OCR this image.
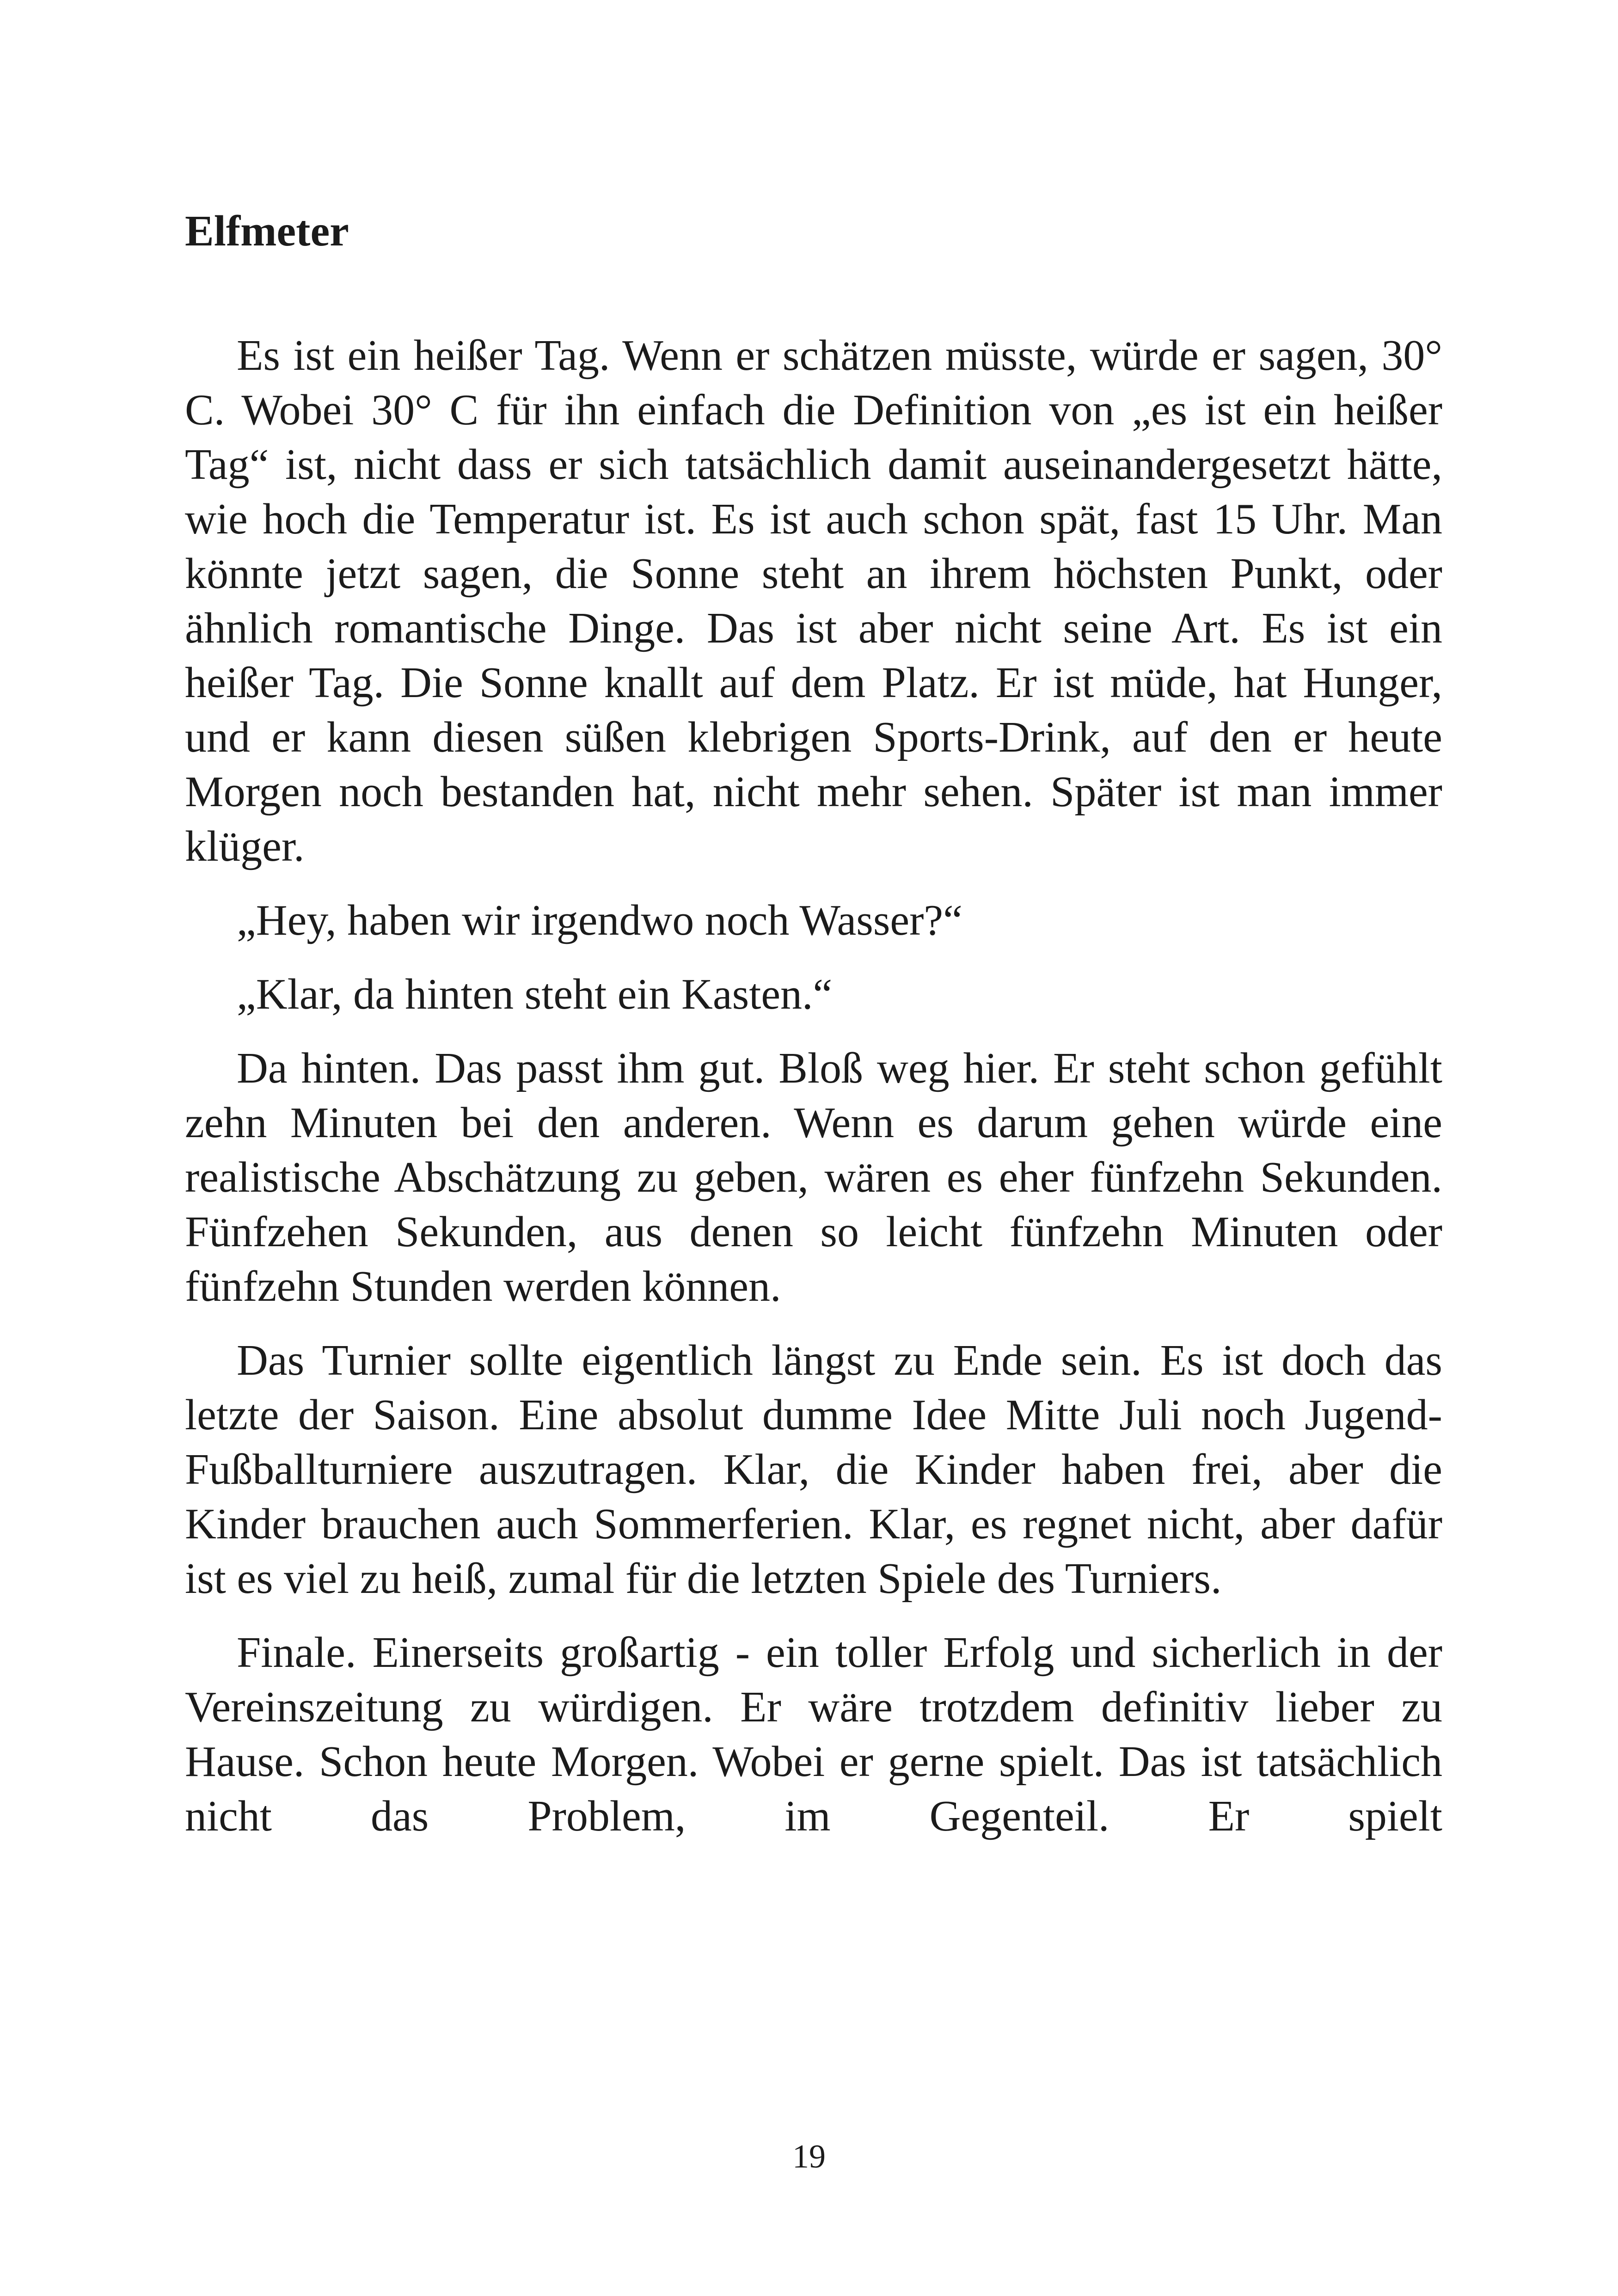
Elfmeter

Es ist ein heißer Tag. Wenn er schätzen müsste, würde er sagen, 30° C. Wobei 30° C für ihn einfach die Definition von „es ist ein heißer Tag“ ist, nicht dass er sich tatsächlich damit auseinandergesetzt hätte, wie hoch die Temperatur ist. Es ist auch schon spät, fast 15 Uhr. Man könnte jetzt sagen, die Sonne steht an ihrem höchsten Punkt, oder ähnlich romantische Dinge. Das ist aber nicht seine Art. Es ist ein heißer Tag. Die Sonne knallt auf dem Platz. Er ist müde, hat Hunger, und er kann diesen süßen klebrigen Sports-Drink, auf den er heute Morgen noch bestanden hat, nicht mehr sehen. Später ist man immer klüger.

„Hey, haben wir irgendwo noch Wasser?“

„Klar, da hinten steht ein Kasten.“

Da hinten. Das passt ihm gut. Bloß weg hier. Er steht schon gefühlt zehn Minuten bei den anderen. Wenn es darum gehen würde eine realistische Abschätzung zu geben, wären es eher fünfzehn Sekunden. Fünfzehen Sekunden, aus denen so leicht fünfzehn Minuten oder fünfzehn Stunden werden können.

Das Turnier sollte eigentlich längst zu Ende sein. Es ist doch das letzte der Saison. Eine absolut dumme Idee Mitte Juli noch Jugend-Fußballturniere auszutragen. Klar, die Kinder haben frei, aber die Kinder brauchen auch Sommerferien. Klar, es regnet nicht, aber dafür ist es viel zu heiß, zumal für die letzten Spiele des Turniers.

Finale. Einerseits großartig - ein toller Erfolg und sicherlich in der Vereinszeitung zu würdigen. Er wäre trotzdem definitiv lieber zu Hause. Schon heute Morgen. Wobei er gerne spielt. Das ist tatsächlich nicht das Problem, im Gegenteil. Er spielt

19
